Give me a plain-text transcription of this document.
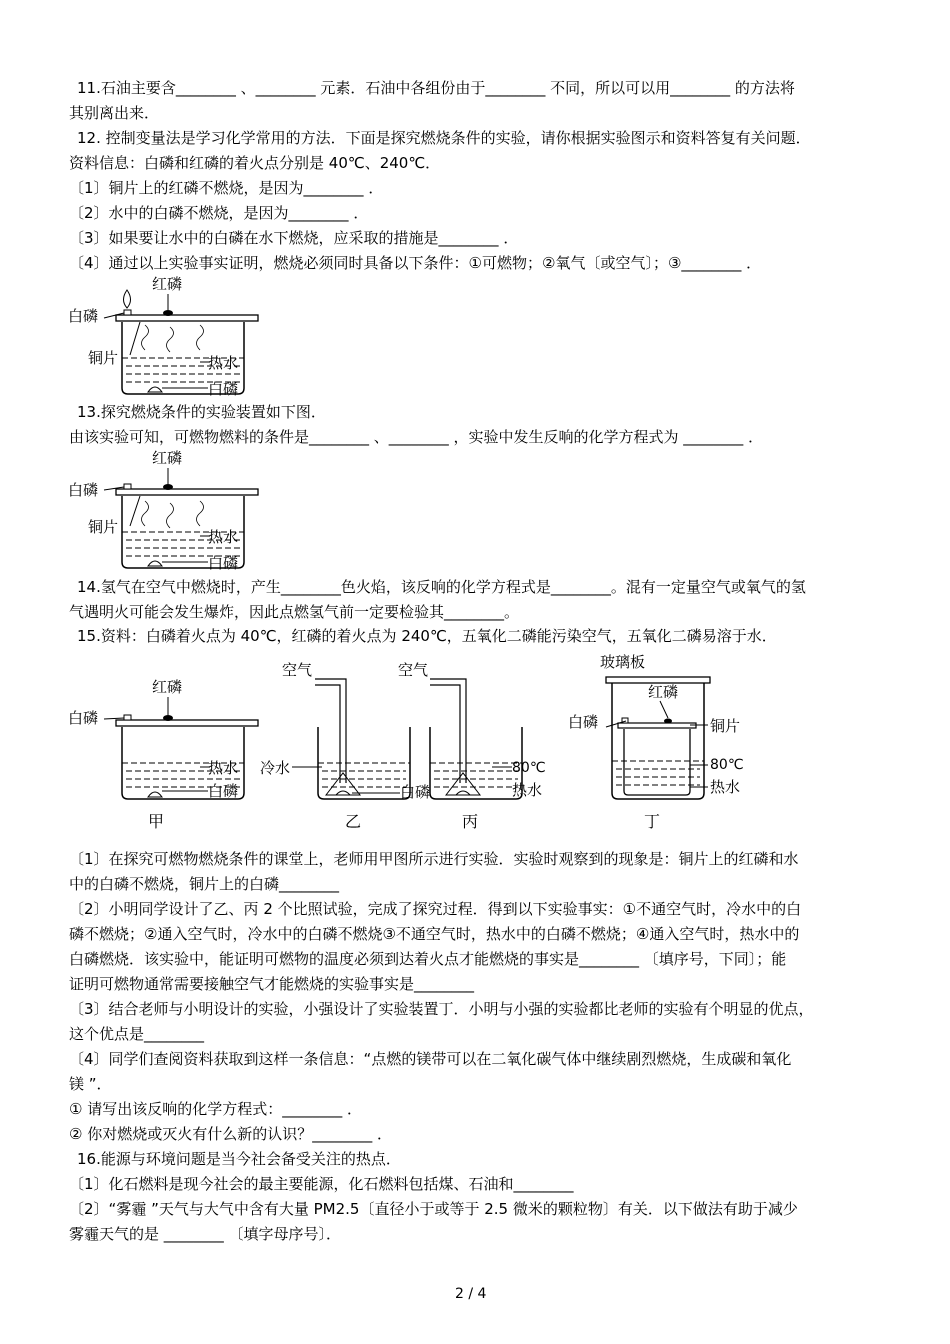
11.石油主要含________ 、________ 元素．石油中各组份由于________ 不同，所以可以用________ 的方法将
其别离出来．
12. 控制变量法是学习化学常用的方法．下面是探究燃烧条件的实验，请你根据实验图示和资料答复有关问题．
资料信息：白磷和红磷的着火点分别是 40℃、240℃．
〔1〕铜片上的红磷不燃烧，是因为________ ．
〔2〕水中的白磷不燃烧，是因为________ ．
〔3〕如果要让水中的白磷在水下燃烧，应采取的措施是________ ．
〔4〕通过以上实验事实证明，燃烧必须同时具备以下条件：①可燃物；②氧气〔或空气〕；③________ ．
红磷
白磷
铜片	热水
白磷
13.探究燃烧条件的实验装置如下图．
由该实验可知，可燃物燃料的条件是________ 、________ ，实验中发生反响的化学方程式为 ________ ．
红磷
白磷
铜片
热水
白磷
14.氢气在空气中燃烧时，产生________色火焰，该反响的化学方程式是________。混有一定量空气或氧气的氢
气遇明火可能会发生爆炸，因此点燃氢气前一定要检验其________。
15.资料：白磷着火点为 40℃，红磷的着火点为 240℃，五氧化二磷能污染空气，五氧化二磷易溶于水．
红磷
白磷
热水
白磷
甲
空气
冷水
白磷
乙
空气
80℃
热水
丙
玻璃板
红磷
白磷	铜片
80℃
热水
丁
〔1〕在探究可燃物燃烧条件的课堂上，老师用甲图所示进行实验．实验时观察到的现象是：铜片上的红磷和水
中的白磷不燃烧，铜片上的白磷________
〔2〕小明同学设计了乙、丙 2 个比照试验，完成了探究过程．得到以下实验事实：①不通空气时，冷水中的白
磷不燃烧；②通入空气时，冷水中的白磷不燃烧③不通空气时，热水中的白磷不燃烧；④通入空气时，热水中的
白磷燃烧．该实验中，能证明可燃物的温度必须到达着火点才能燃烧的事实是________ 〔填序号，下同〕；能
证明可燃物通常需要接触空气才能燃烧的实验事实是________
〔3〕结合老师与小明设计的实验，小强设计了实验装置丁．小明与小强的实验都比老师的实验有个明显的优点，
这个优点是________
〔4〕同学们查阅资料获取到这样一条信息：“点燃的镁带可以在二氧化碳气体中继续剧烈燃烧，生成碳和氧化
镁 ”．
① 请写出该反响的化学方程式：________ ．
② 你对燃烧或灭火有什么新的认识？________ ．
16.能源与环境问题是当今社会备受关注的热点．
〔1〕化石燃料是现今社会的最主要能源，化石燃料包括煤、石油和________
〔2〕“雾霾 ”天气与大气中含有大量 PM2.5〔直径小于或等于 2.5 微米的颗粒物〕有关．以下做法有助于减少
雾霾天气的是 ________ 〔填字母序号〕．
2 / 4
